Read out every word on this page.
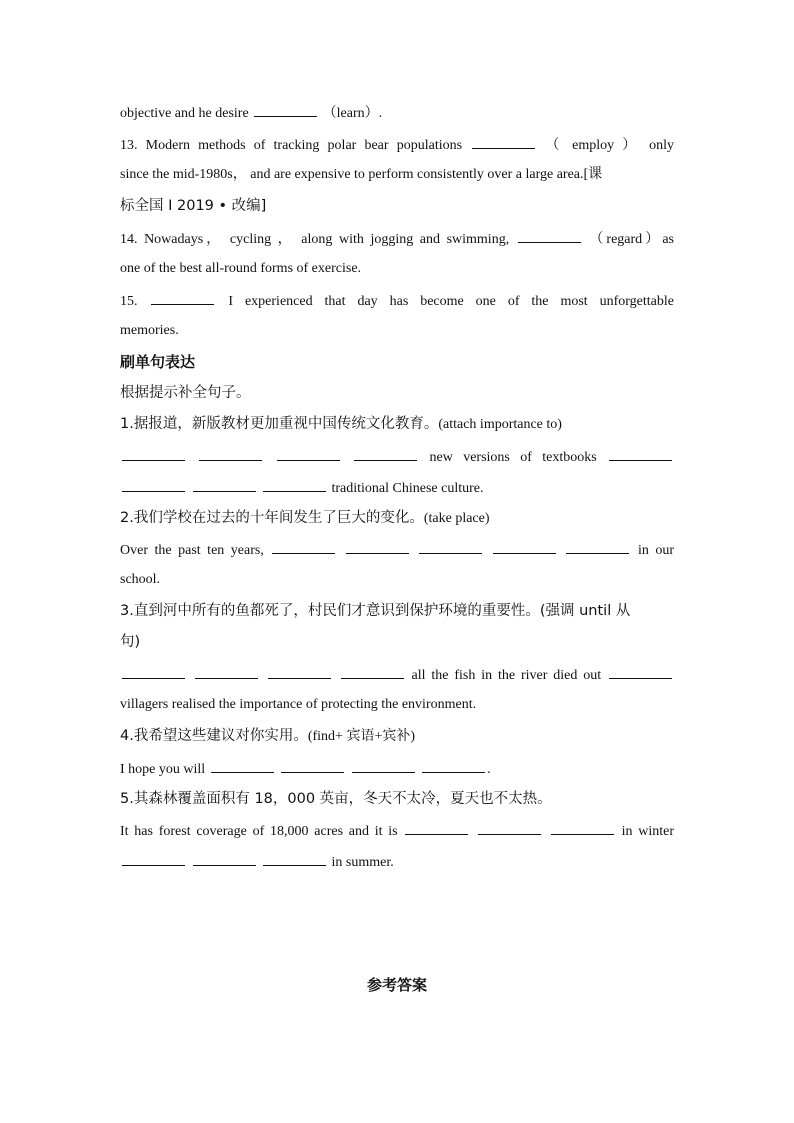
objective and he desire	（learn）.
13. Modern methods of tracking polar bear populations	（ employ ） only
since the mid-1980s， and are expensive to perform consistently over a large area.[课
标全国 I 2019 • 改编]
14. Nowadays， cycling ， along with jogging and swimming,	（regard）as
one of the best all-round forms of exercise.
15.	I experienced that day has become one of the most unforgettable
memories.
刷单句表达
根据提示补全句子。
1.据报道，新版教材更加重视中国传统文化教育。(attach importance to)
new versions of textbooks
traditional Chinese culture.
2.我们学校在过去的十年间发生了巨大的变化。(take place)
Over the past ten years,	in our
school.
3.直到河中所有的鱼都死了，村民们才意识到保护环境的重要性。(强调 until 从
句)
all the fish in the river died out
villagers realised the importance of protecting the environment.
4.我希望这些建议对你实用。(find+ 宾语+宾补)
I hope you will	.
5.其森林覆盖面积有 18，000 英亩，冬天不太冷，夏天也不太热。
It has forest coverage of 18,000 acres and it is	in winter
in summer.
参考答案
